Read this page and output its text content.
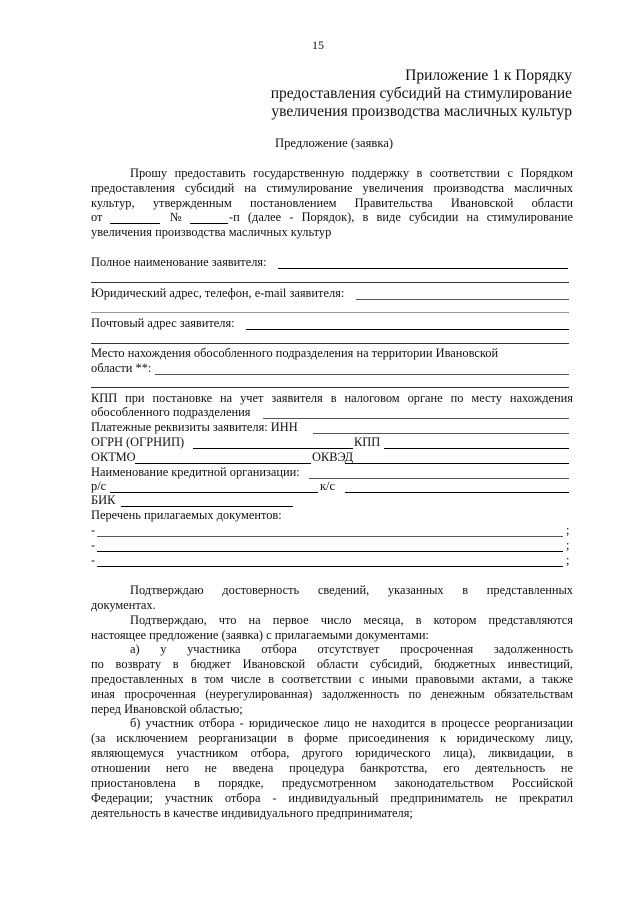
15
Приложение 1 к Порядку
предоставления субсидий на стимулирование
увеличения производства масличных культур
Предложение (заявка)
Прошу предоставить государственную поддержку в соответствии с Порядком
предоставления субсидий на стимулирование увеличения производства масличных
культур, утвержденным постановлением Правительства Ивановской области
от	№	-п (далее - Порядок), в виде субсидии на стимулирование
увеличения производства масличных культур
Полное наименование заявителя:
Юридический адрес, телефон, e-mail заявителя:
Почтовый адрес заявителя:
Место нахождения обособленного подразделения на территории Ивановской
области **:
КПП при постановке на учет заявителя в налоговом органе по месту нахождения
обособленного подразделения
Платежные реквизиты заявителя: ИНН
ОГРН (ОГРНИП)	КПП
ОКТМО	ОКВЭД
Наименование кредитной организации:
р/с	к/с
БИК
Перечень прилагаемых документов:
-	;
-	;
-	;
Подтверждаю достоверность сведений, указанных в представленных
документах.
Подтверждаю, что на первое число месяца, в котором представляются
настоящее предложение (заявка) с прилагаемыми документами:
а) у участника отбора отсутствует просроченная задолженность
по возврату в бюджет Ивановской области субсидий, бюджетных инвестиций,
предоставленных в том числе в соответствии с иными правовыми актами, а также
иная просроченная (неурегулированная) задолженность по денежным обязательствам
перед Ивановской областью;
б) участник отбора - юридическое лицо не находится в процессе реорганизации
(за исключением реорганизации в форме присоединения к юридическому лицу,
являющемуся участником отбора, другого юридического лица), ликвидации, в
отношении него не введена процедура банкротства, его деятельность не
приостановлена в порядке, предусмотренном законодательством Российской
Федерации; участник отбора - индивидуальный предприниматель не прекратил
деятельность в качестве индивидуального предпринимателя;
